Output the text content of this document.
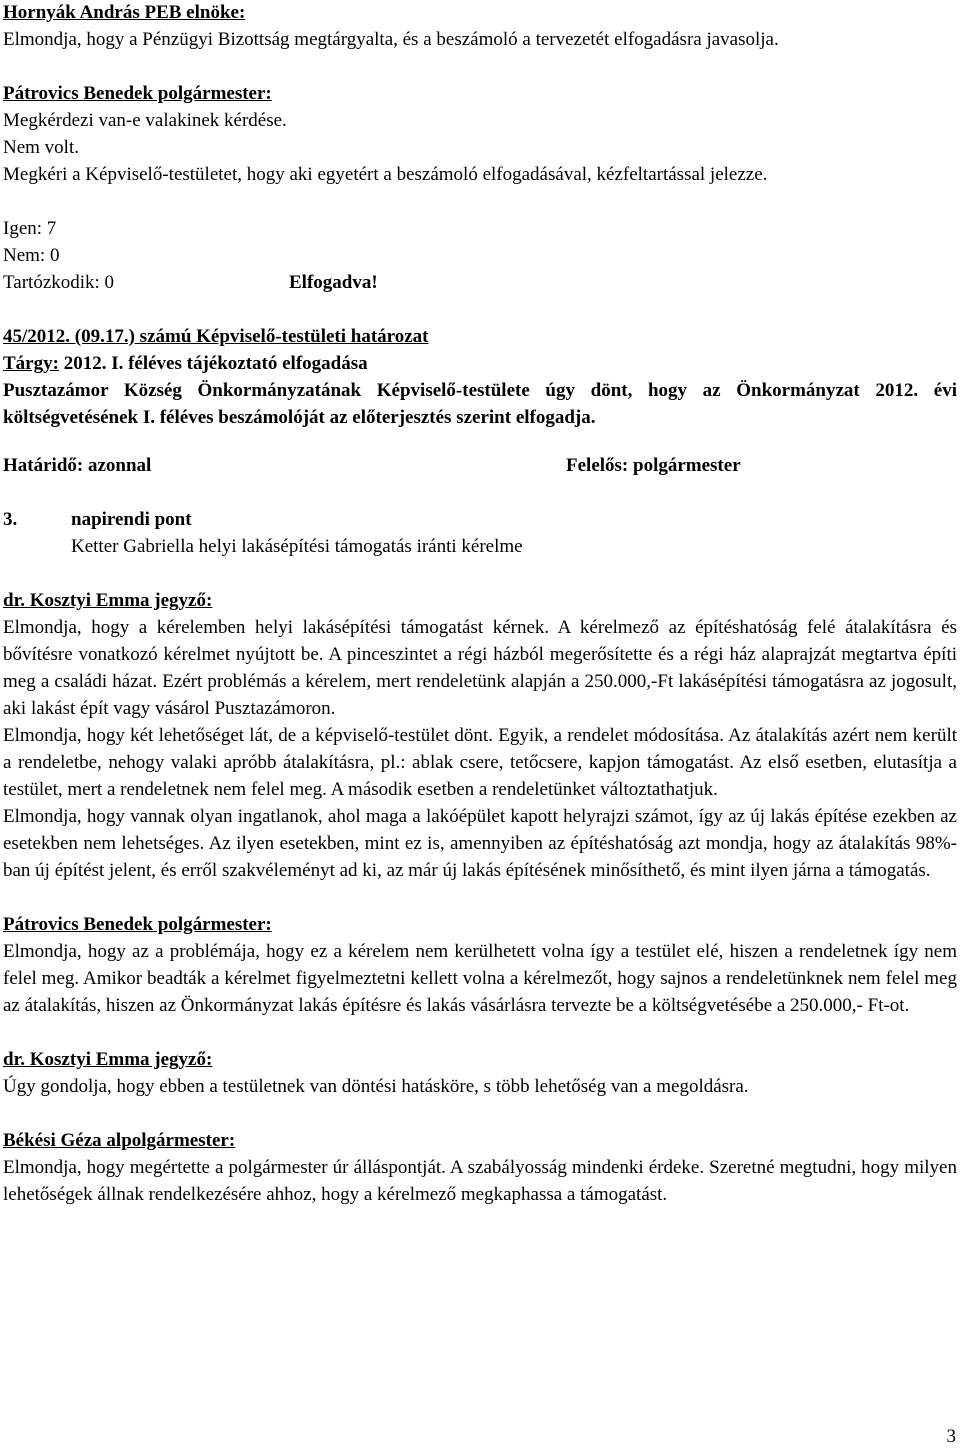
Hornyák András PEB elnöke:

Elmondja, hogy a Pénzügyi Bizottság megtárgyalta, és a beszámoló a tervezetét elfogadásra javasolja.

Pátrovics Benedek polgármester:

Megkérdezi van-e valakinek kérdése.

Nem volt.

Megkéri a Képviselő-testületet, hogy aki egyetért a beszámoló elfogadásával, kézfeltartással jelezze.

Igen: 7

Nem: 0

Tartózkodik: 0	Elfogadva!

45/2012. (09.17.) számú Képviselő-testületi határozat

Tárgy: 2012. I. féléves tájékoztató elfogadása

Pusztazámor Község Önkormányzatának Képviselő-testülete úgy dönt, hogy az Önkormányzat 2012. évi költségvetésének I. féléves beszámolóját az előterjesztés szerint elfogadja.

Határidő: azonnal	Felelős: polgármester
3.	napirendi pont
Ketter Gabriella helyi lakásépítési támogatás iránti kérelme
dr. Kosztyi Emma jegyző:

Elmondja, hogy a kérelemben helyi lakásépítési támogatást kérnek. A kérelmező az építéshatóság felé átalakításra és bővítésre vonatkozó kérelmet nyújtott be. A pinceszintet a régi házból megerősítette és a régi ház alaprajzát megtartva építi meg a családi házat. Ezért problémás a kérelem, mert rendeletünk alapján a 250.000,-Ft lakásépítési támogatásra az jogosult, aki lakást épít vagy vásárol Pusztazámoron.

Elmondja, hogy két lehetőséget lát, de a képviselő-testület dönt. Egyik, a rendelet módosítása. Az átalakítás azért nem került a rendeletbe, nehogy valaki apróbb átalakításra, pl.: ablak csere, tetőcsere, kapjon támogatást. Az első esetben, elutasítja a testület, mert a rendeletnek nem felel meg. A második esetben a rendeletünket változtathatjuk.

Elmondja, hogy vannak olyan ingatlanok, ahol maga a lakóépület kapott helyrajzi számot, így az új lakás építése ezekben az esetekben nem lehetséges. Az ilyen esetekben, mint ez is, amennyiben az építéshatóság azt mondja, hogy az átalakítás 98%-ban új építést jelent, és erről szakvéleményt ad ki, az már új lakás építésének minősíthető, és mint ilyen járna a támogatás.

Pátrovics Benedek polgármester:

Elmondja, hogy az a problémája, hogy ez a kérelem nem kerülhetett volna így a testület elé, hiszen a rendeletnek így nem felel meg. Amikor beadták a kérelmet figyelmeztetni kellett volna a kérelmezőt, hogy sajnos a rendeletünknek nem felel meg az átalakítás, hiszen az Önkormányzat lakás építésre és lakás vásárlásra tervezte be a költségvetésébe a 250.000,- Ft-ot.

dr. Kosztyi Emma jegyző:

Úgy gondolja, hogy ebben a testületnek van döntési hatásköre, s több lehetőség van a megoldásra.

Békési Géza alpolgármester:

Elmondja, hogy megértette a polgármester úr álláspontját. A szabályosság mindenki érdeke. Szeretné megtudni, hogy milyen lehetőségek állnak rendelkezésére ahhoz, hogy a kérelmező megkaphassa a támogatást.

3
